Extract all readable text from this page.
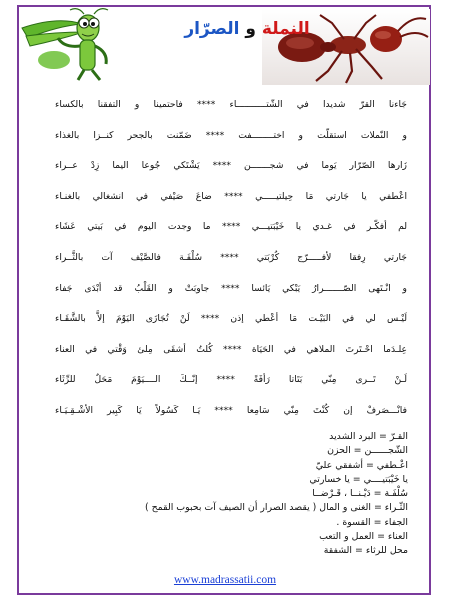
النملة و الصرّار
جَاءنا القرّ شديدا في الشّتـــــــــــاء **** فاحتمينا و التفقنا بالكساء
و النّملات استقلّت و اختــــــــفت **** ضَمّنت بالجحر كنــزا بالغذاء
زَارها الصّرّار يَوما في شجـــــــن **** يَشْتَكي جُوعا اليما زِدْ عــراء
اعْطفي يا جَارتي مَا حِيلتيـــــي **** ضاعَ صَيْفي في انشغالي بالغنـاء
لم أفكّـر في غـدي يا خَيْبَتيـــي **** ما وجدت اليوم في بَيتي عَشَاء
جَارتي رِفقا لأفـــــرّج كُرْبَتي **** سُلْفَـة فالصَّيْف آت بالثَّــراء
و انْـتَهى الصّـــــــرارُ يَبْكي يَائسا **** جاوبَتْ و القَلْبُ قد أبْدَى جَفاء
لَيْـس لي في البَيْـت مَا أعْطي إذن **** لَنْ تُجَازَى اليَوْمَ إلاَّ بالشَّقَـاء
عِلـدَما احْـتَرتَ الملاهي في الحَيَاة **** كُلتُ أشقَى مِلئ وَقْتي في العناء
لَـنْ تَــرى مِنّي بَتَاتا رَأفَةً **** إنّــكَ الــــيَوْمَ مَحَلٌ للرِّثَاء
فانْـــصَرفْ إن كُنْتَ مِنّي سَامِعا **** يَـا كَسُولاً يَا كَبِير الأشْـقِـيَـاء
القـرّ = البرد الشديد
الشّجــــــن = الحزن
اعْـطفي = أشفقي عليّ
يا خَيْبَتيــــي = يا خسارتي
سُلْفَـة = دَيْـنــا ، قَـرْضــا
الثّـراء = الغنى و المال ( يقصد الصرار أن الصيف آت بحبوب القمح )
الجفاء = القسوة .
العناء = العمل و التعب
محل للرثاء = الشفقة
www.madrassatii.com
